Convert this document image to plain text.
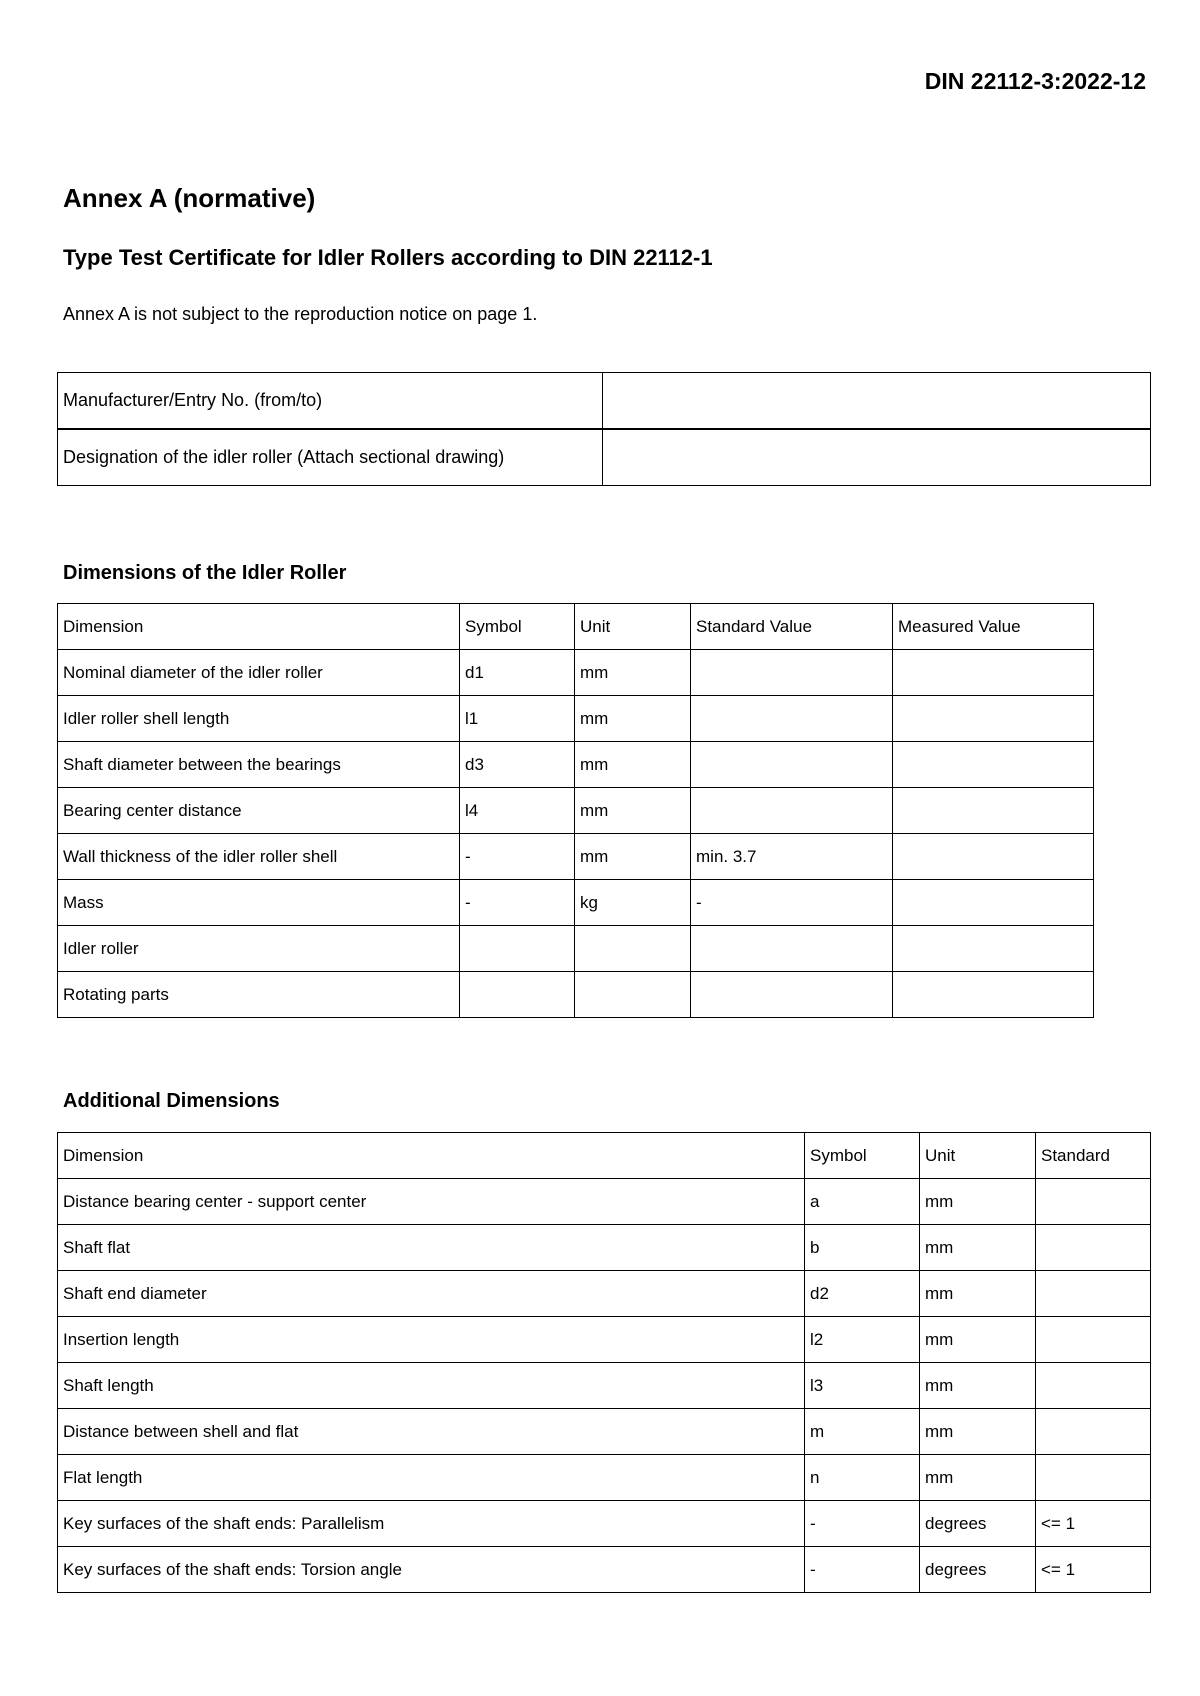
DIN 22112-3:2022-12
Annex A (normative)
Type Test Certificate for Idler Rollers according to DIN 22112-1
Annex A is not subject to the reproduction notice on page 1.
Manufacturer/Entry No. (from/to)	
Designation of the idler roller (Attach sectional drawing)	
Dimensions of the Idler Roller
Dimension	Symbol	Unit	Standard Value	Measured Value
Nominal diameter of the idler roller	d1	mm		
Idler roller shell length	l1	mm		
Shaft diameter between the bearings	d3	mm		
Bearing center distance	l4	mm		
Wall thickness of the idler roller shell	-	mm	min. 3.7	
Mass	-	kg	-	
Idler roller				
Rotating parts				
Additional Dimensions
Dimension	Symbol	Unit	Standard
Distance bearing center - support center	a	mm	
Shaft flat	b	mm	
Shaft end diameter	d2	mm	
Insertion length	l2	mm	
Shaft length	l3	mm	
Distance between shell and flat	m	mm	
Flat length	n	mm	
Key surfaces of the shaft ends: Parallelism	-	degrees	<= 1
Key surfaces of the shaft ends: Torsion angle	-	degrees	<= 1
